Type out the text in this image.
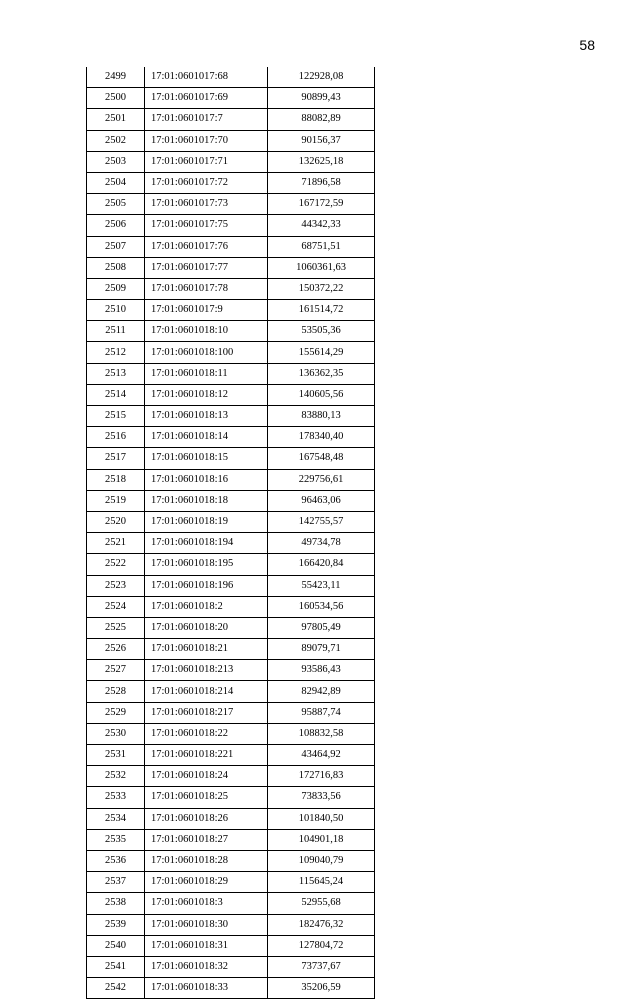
58
2499	17:01:0601017:68	122928,08
2500	17:01:0601017:69	90899,43
2501	17:01:0601017:7	88082,89
2502	17:01:0601017:70	90156,37
2503	17:01:0601017:71	132625,18
2504	17:01:0601017:72	71896,58
2505	17:01:0601017:73	167172,59
2506	17:01:0601017:75	44342,33
2507	17:01:0601017:76	68751,51
2508	17:01:0601017:77	1060361,63
2509	17:01:0601017:78	150372,22
2510	17:01:0601017:9	161514,72
2511	17:01:0601018:10	53505,36
2512	17:01:0601018:100	155614,29
2513	17:01:0601018:11	136362,35
2514	17:01:0601018:12	140605,56
2515	17:01:0601018:13	83880,13
2516	17:01:0601018:14	178340,40
2517	17:01:0601018:15	167548,48
2518	17:01:0601018:16	229756,61
2519	17:01:0601018:18	96463,06
2520	17:01:0601018:19	142755,57
2521	17:01:0601018:194	49734,78
2522	17:01:0601018:195	166420,84
2523	17:01:0601018:196	55423,11
2524	17:01:0601018:2	160534,56
2525	17:01:0601018:20	97805,49
2526	17:01:0601018:21	89079,71
2527	17:01:0601018:213	93586,43
2528	17:01:0601018:214	82942,89
2529	17:01:0601018:217	95887,74
2530	17:01:0601018:22	108832,58
2531	17:01:0601018:221	43464,92
2532	17:01:0601018:24	172716,83
2533	17:01:0601018:25	73833,56
2534	17:01:0601018:26	101840,50
2535	17:01:0601018:27	104901,18
2536	17:01:0601018:28	109040,79
2537	17:01:0601018:29	115645,24
2538	17:01:0601018:3	52955,68
2539	17:01:0601018:30	182476,32
2540	17:01:0601018:31	127804,72
2541	17:01:0601018:32	73737,67
2542	17:01:0601018:33	35206,59
